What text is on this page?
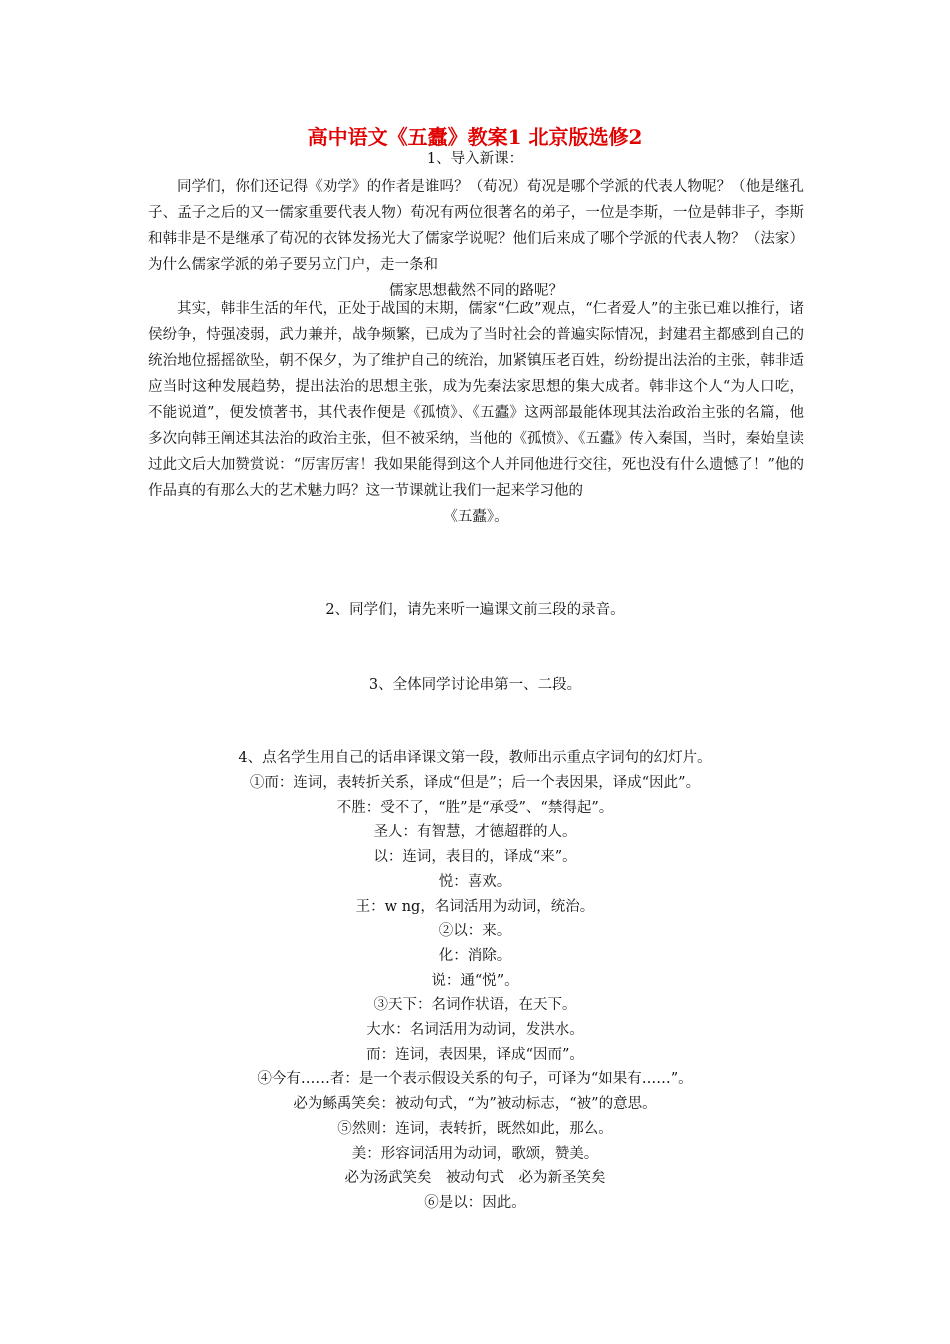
高中语文《五蠹》教案1 北京版选修2
1、导入新课：

同学们，你们还记得《劝学》的作者是谁吗？（荀况）荀况是哪个学派的代表人物呢？（他是继孔子、孟子之后的又一儒家重要代表人物）荀况有两位很著名的弟子，一位是李斯，一位是韩非子，李斯和韩非是不是继承了荀况的衣钵发扬光大了儒家学说呢？他们后来成了哪个学派的代表人物？（法家）为什么儒家学派的弟子要另立门户，走一条和

儒家思想截然不同的路呢？

其实，韩非生活的年代，正处于战国的末期，儒家“仁政”观点，“仁者爱人”的主张已难以推行，诸侯纷争，恃强凌弱，武力兼并，战争频繁，已成为了当时社会的普遍实际情况，封建君主都感到自己的统治地位摇摇欲坠，朝不保夕，为了维护自己的统治，加紧镇压老百姓，纷纷提出法治的主张，韩非适应当时这种发展趋势，提出法治的思想主张，成为先秦法家思想的集大成者。韩非这个人“为人口吃，不能说道”，便发愤著书，其代表作便是《孤愤》、《五蠹》这两部最能体现其法治政治主张的名篇，他多次向韩王阐述其法治的政治主张，但不被采纳，当他的《孤愤》、《五蠹》传入秦国，当时，秦始皇读过此文后大加赞赏说：“厉害厉害！我如果能得到这个人并同他进行交往，死也没有什么遗憾了！”他的作品真的有那么大的艺术魅力吗？这一节课就让我们一起来学习他的

《五蠹》。

2、同学们，请先来听一遍课文前三段的录音。
3、全体同学讨论串第一、二段。
4、点名学生用自己的话串译课文第一段，教师出示重点字词句的幻灯片。
①而：连词，表转折关系，译成“但是”；后一个表因果，译成“因此”。
不胜：受不了，“胜”是“承受”、“禁得起”。
圣人：有智慧，才德超群的人。
以：连词，表目的，译成“来”。
悦：喜欢。
王：w ng，名词活用为动词，统治。
②以：来。
化：消除。
说：通“悦”。
③天下：名词作状语，在天下。
大水：名词活用为动词，发洪水。
而：连词，表因果，译成“因而”。
④今有……者：是一个表示假设关系的句子，可译为“如果有……”。
必为鲧禹笑矣：被动句式，“为”被动标志，“被”的意思。
⑤然则：连词，表转折，既然如此，那么。
美：形容词活用为动词，歌颂，赞美。
必为汤武笑矣　被动句式　必为新圣笑矣
⑥是以：因此。
